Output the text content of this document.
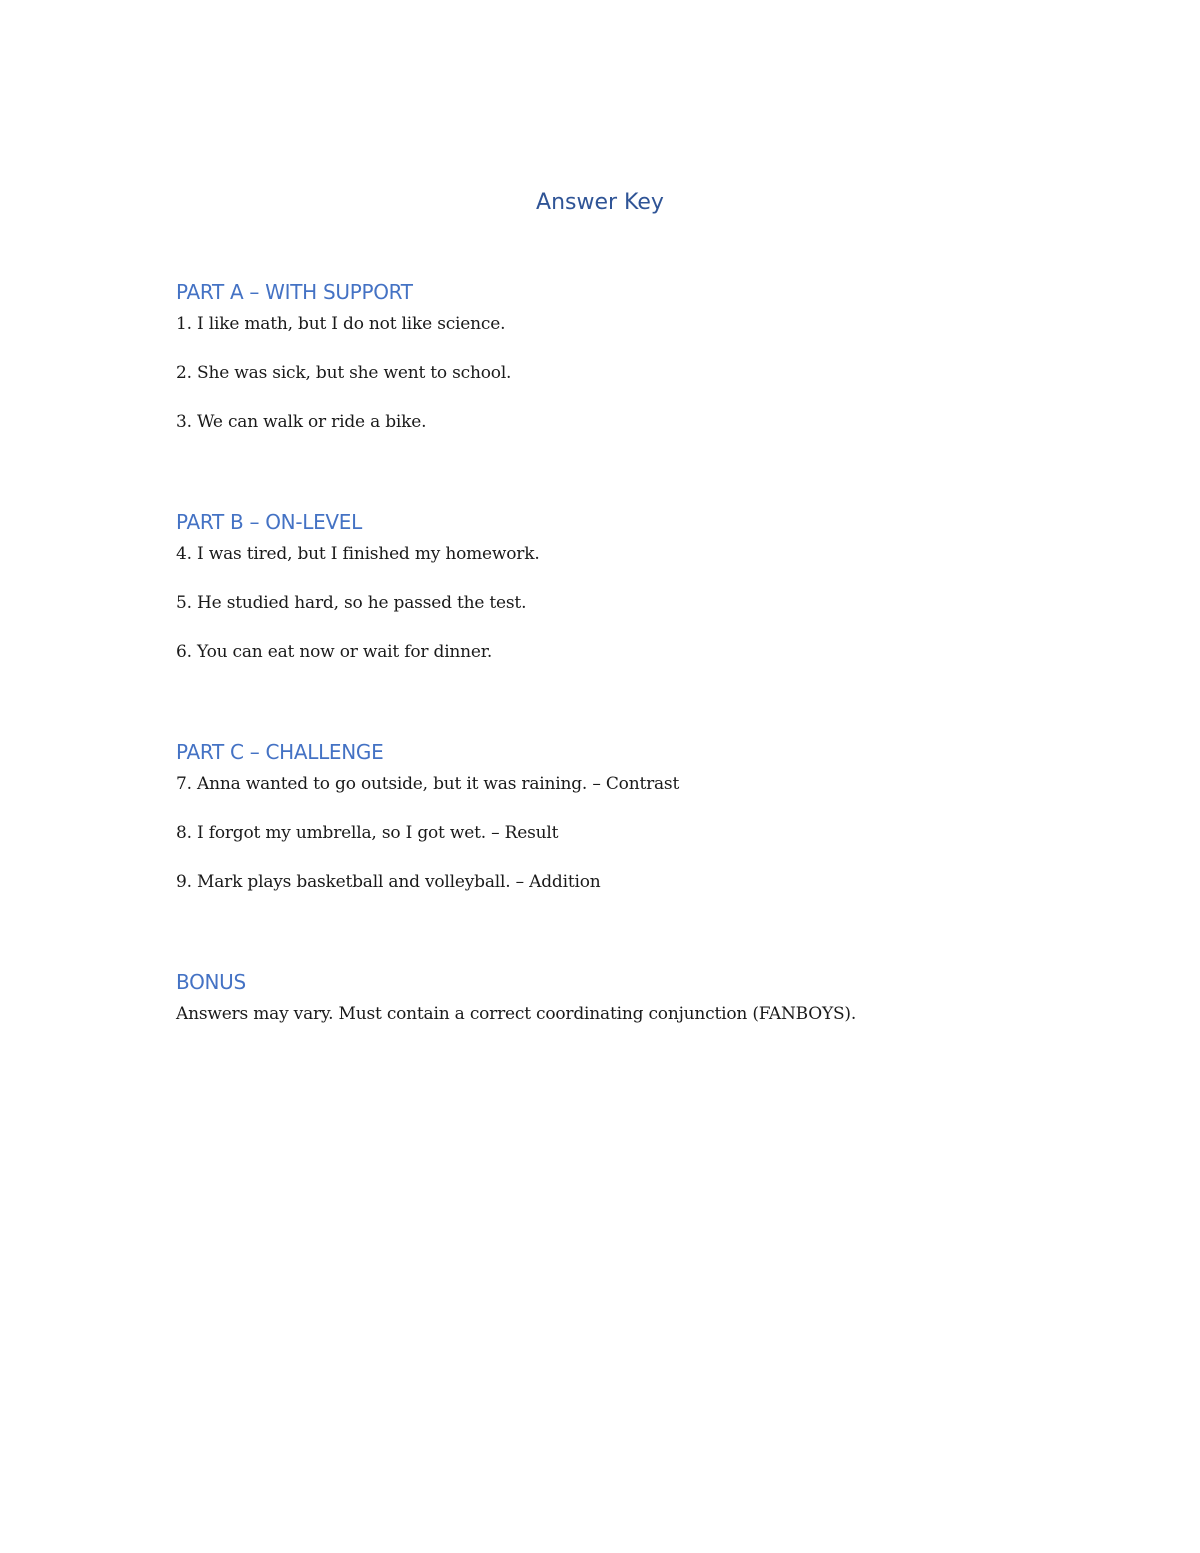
Answer Key
PART A – WITH SUPPORT

1. I like math, but I do not like science.

2. She was sick, but she went to school.

3. We can walk or ride a bike.

PART B – ON-LEVEL

4. I was tired, but I finished my homework.

5. He studied hard, so he passed the test.

6. You can eat now or wait for dinner.

PART C – CHALLENGE

7. Anna wanted to go outside, but it was raining. – Contrast

8. I forgot my umbrella, so I got wet. – Result

9. Mark plays basketball and volleyball. – Addition

BONUS

Answers may vary. Must contain a correct coordinating conjunction (FANBOYS).
